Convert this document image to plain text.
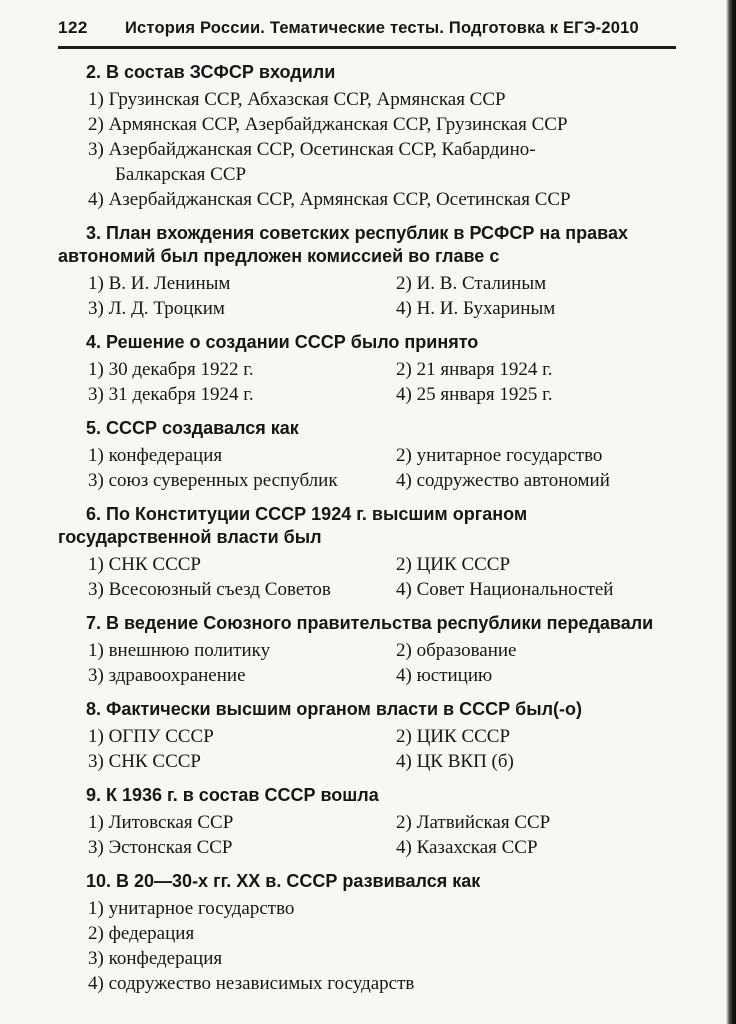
122	История России. Тематические тесты. Подготовка к ЕГЭ-2010

2. В состав ЗСФСР входили

1) Грузинская ССР, Абхазская ССР, Армянская ССР

2) Армянская ССР, Азербайджанская ССР, Грузинская ССР

3) Азербайджанская ССР, Осетинская ССР, Кабардино-Балкарская ССР

4) Азербайджанская ССР, Армянская ССР, Осетинская ССР

3. План вхождения советских республик в РСФСР на правах автономий был предложен комиссией во главе с

1) В. И. Лениным	2) И. В. Сталиным

3) Л. Д. Троцким	4) Н. И. Бухариным

4. Решение о создании СССР было принято

1) 30 декабря 1922 г.	2) 21 января 1924 г.

3) 31 декабря 1924 г.	4) 25 января 1925 г.

5. СССР создавался как

1) конфедерация	2) унитарное государство

3) союз суверенных республик	4) содружество автономий

6. По Конституции СССР 1924 г. высшим органом государственной власти был

1) СНК СССР	2) ЦИК СССР

3) Всесоюзный съезд Советов	4) Совет Национальностей

7. В ведение Союзного правительства республики передавали

1) внешнюю политику	2) образование

3) здравоохранение	4) юстицию

8. Фактически высшим органом власти в СССР был(-о)

1) ОГПУ СССР	2) ЦИК СССР

3) СНК СССР	4) ЦК ВКП (б)

9. К 1936 г. в состав СССР вошла

1) Литовская ССР	2) Латвийская ССР

3) Эстонская ССР	4) Казахская ССР

10. В 20—30-х гг. XX в. СССР развивался как

1) унитарное государство

2) федерация

3) конфедерация

4) содружество независимых государств
